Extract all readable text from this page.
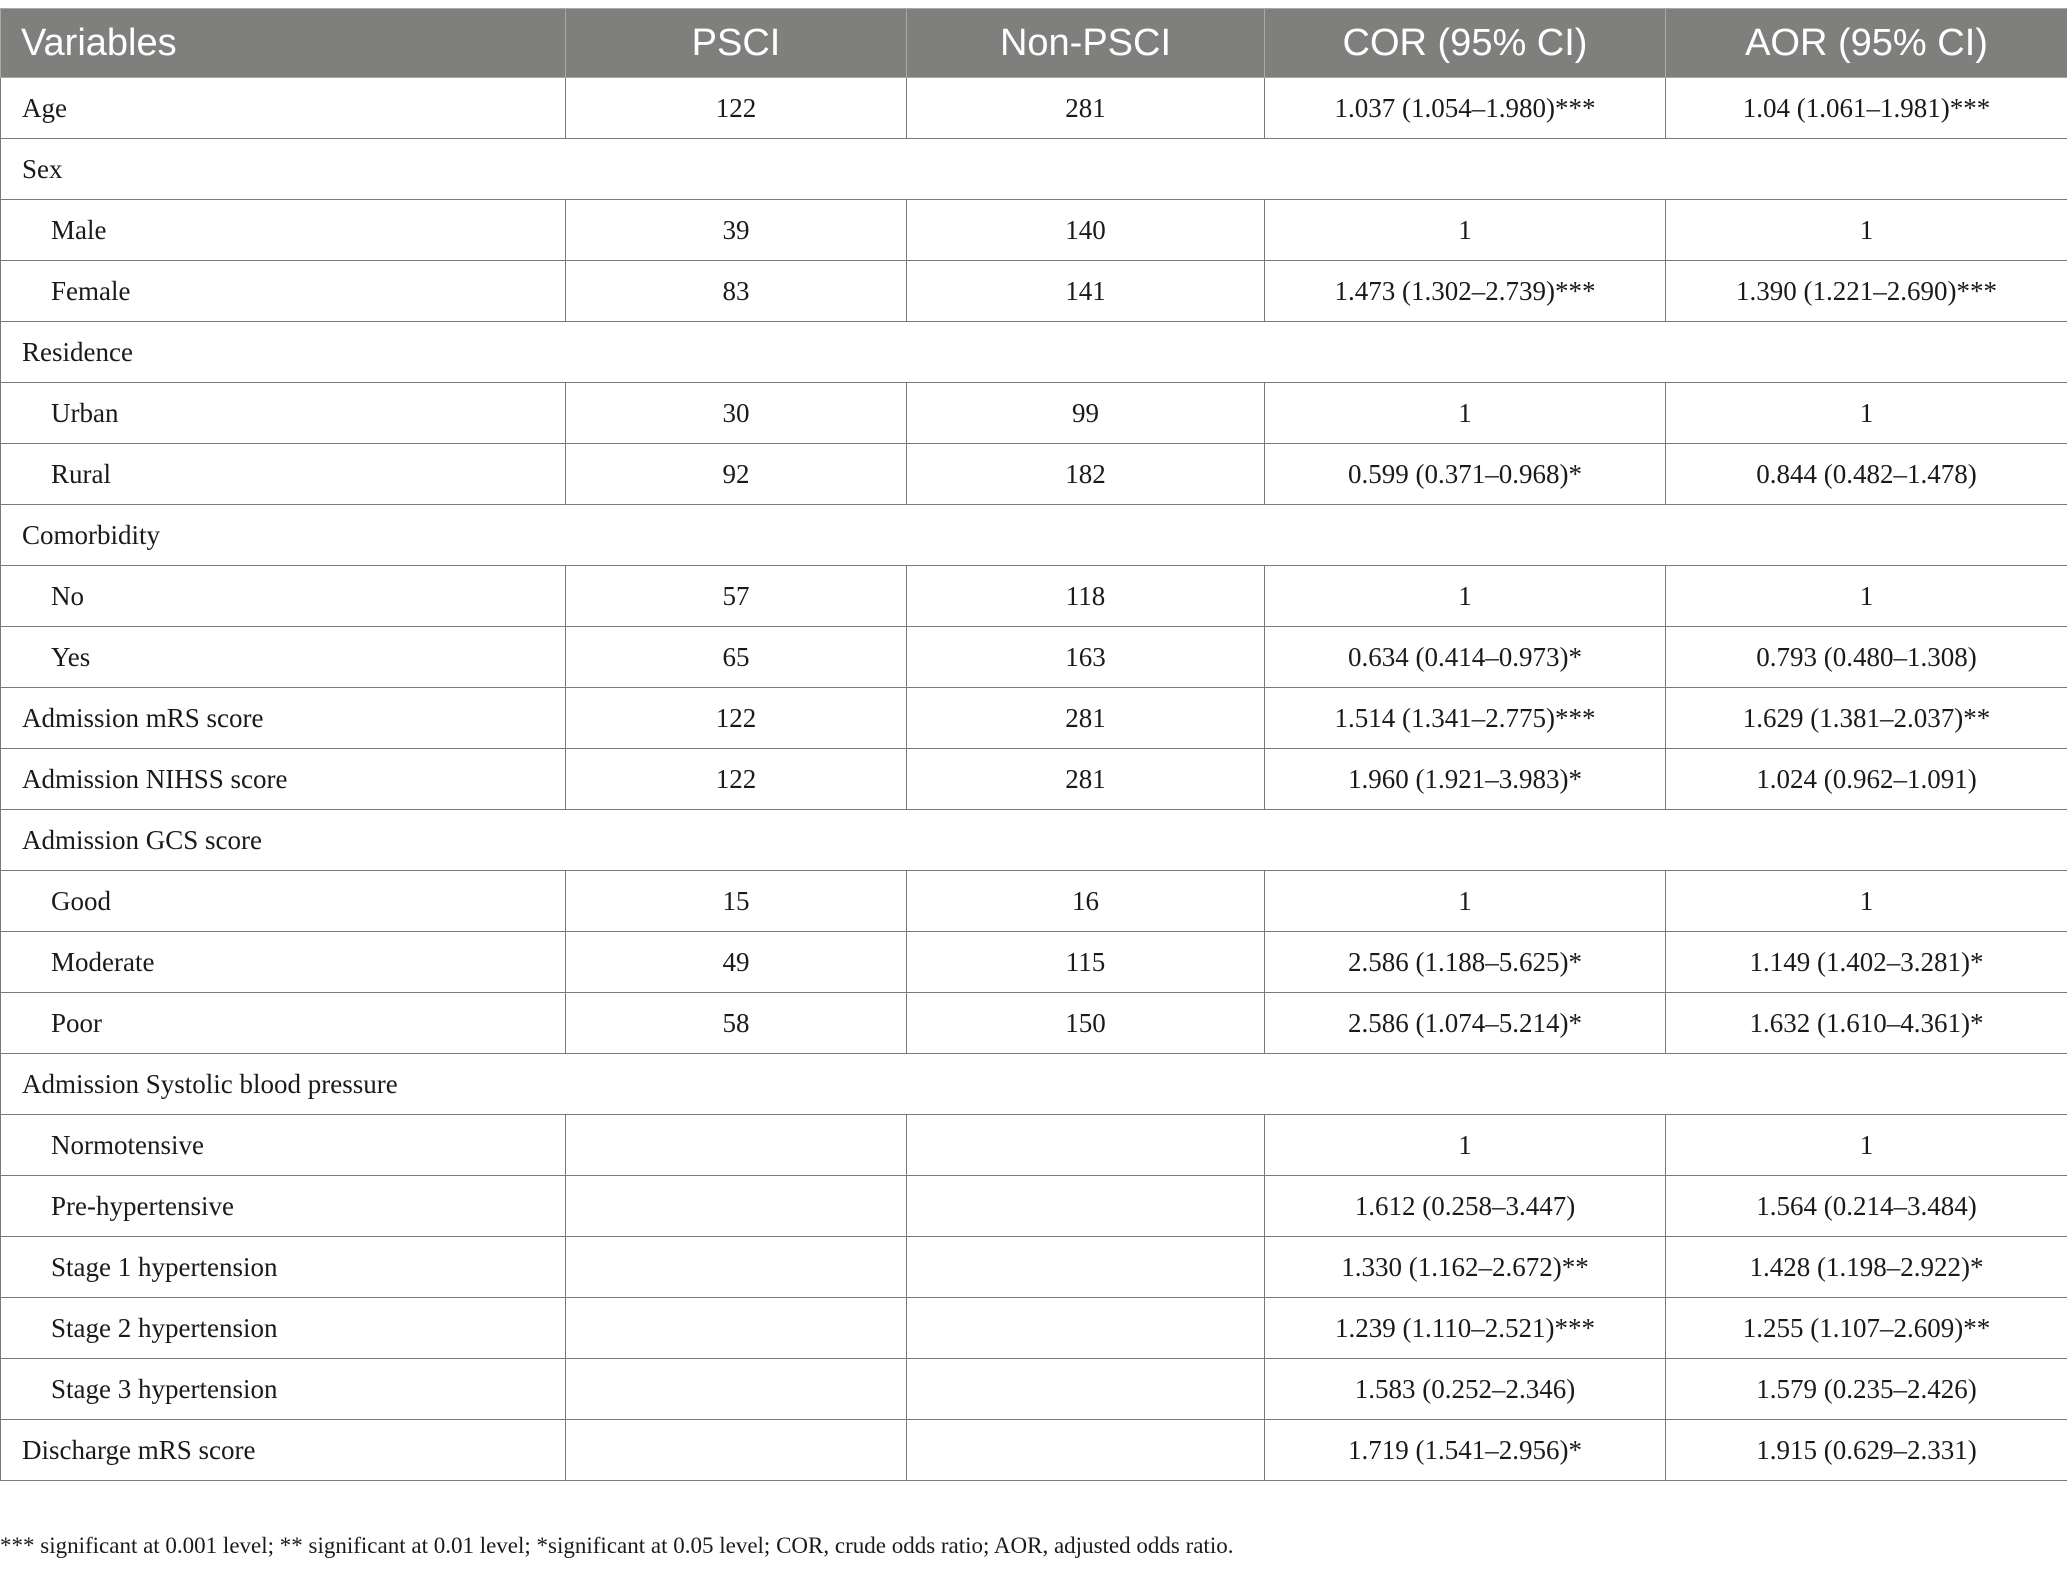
Variables	PSCI	Non-PSCI	COR (95% CI)	AOR (95% CI)
Age	122	281	1.037 (1.054–1.980)***	1.04 (1.061–1.981)***
Sex				
Male	39	140	1	1
Female	83	141	1.473 (1.302–2.739)***	1.390 (1.221–2.690)***
Residence				
Urban	30	99	1	1
Rural	92	182	0.599 (0.371–0.968)*	0.844 (0.482–1.478)
Comorbidity				
No	57	118	1	1
Yes	65	163	0.634 (0.414–0.973)*	0.793 (0.480–1.308)
Admission mRS score	122	281	1.514 (1.341–2.775)***	1.629 (1.381–2.037)**
Admission NIHSS score	122	281	1.960 (1.921–3.983)*	1.024 (0.962–1.091)
Admission GCS score				
Good	15	16	1	1
Moderate	49	115	2.586 (1.188–5.625)*	1.149 (1.402–3.281)*
Poor	58	150	2.586 (1.074–5.214)*	1.632 (1.610–4.361)*
Admission Systolic blood pressure				
Normotensive			1	1
Pre-hypertensive			1.612 (0.258–3.447)	1.564 (0.214–3.484)
Stage 1 hypertension			1.330 (1.162–2.672)**	1.428 (1.198–2.922)*
Stage 2 hypertension			1.239 (1.110–2.521)***	1.255 (1.107–2.609)**
Stage 3 hypertension			1.583 (0.252–2.346)	1.579 (0.235–2.426)
Discharge mRS score			1.719 (1.541–2.956)*	1.915 (0.629–2.331)
*** significant at 0.001 level; ** significant at 0.01 level; *significant at 0.05 level; COR, crude odds ratio; AOR, adjusted odds ratio.
